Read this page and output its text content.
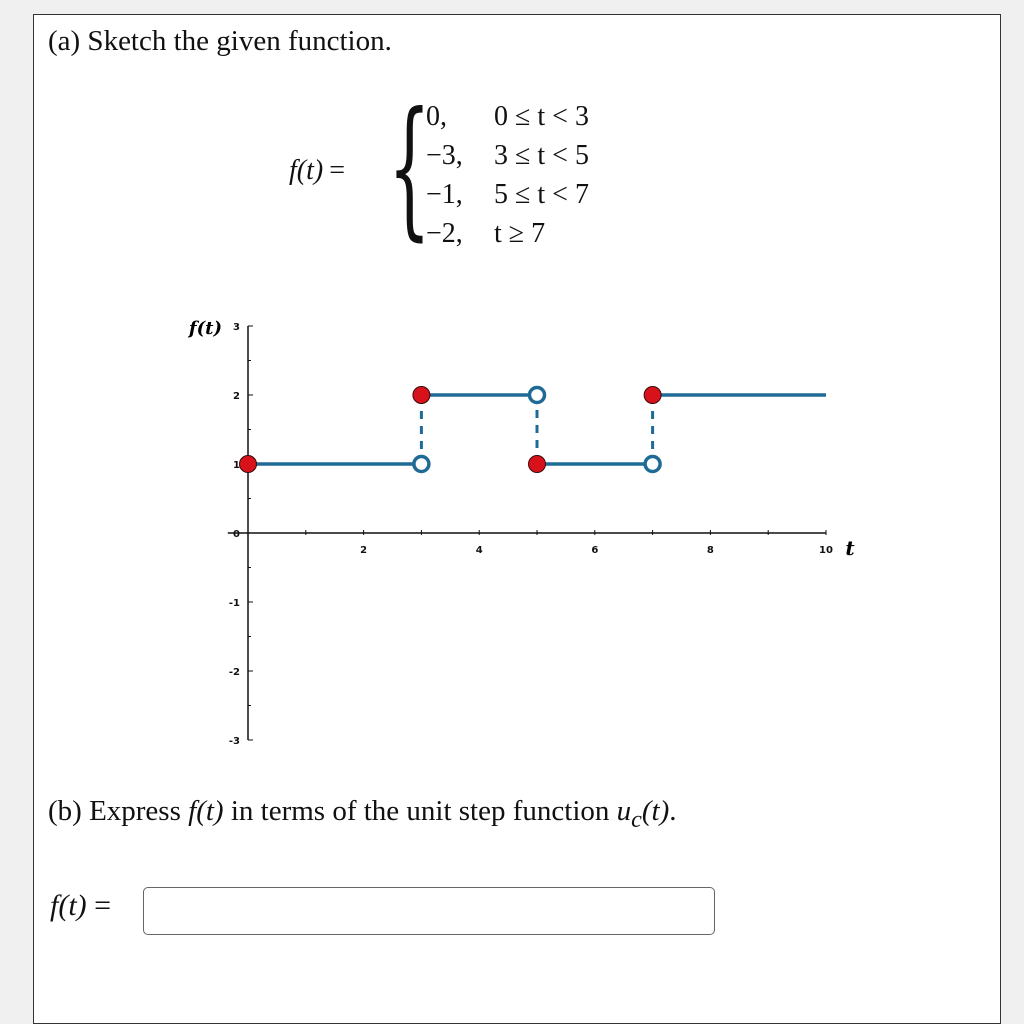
(a) Sketch the given function.
f(t) = {
0,	0 ≤ t < 3
−3,	3 ≤ t < 5
−1,	5 ≤ t < 7
−2,	t ≥ 7
2	4	6	8	10
3
2
1
0
-1
-2
-3
f(t)
t
(b) Express f(t) in terms of the unit step function $u_c(t)$.
f(t) =
